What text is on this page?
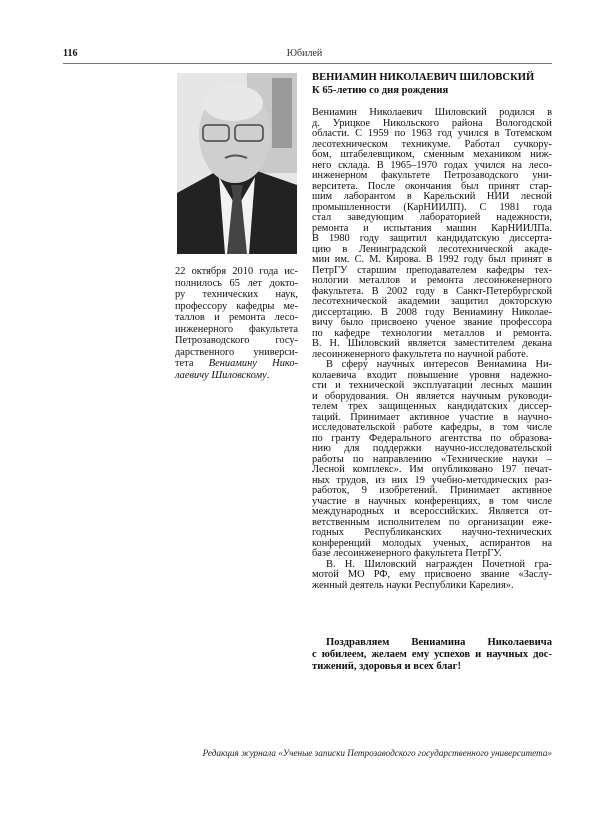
116	Юбилей
22 октября 2010 года ис-
полнилось 65 лет докто-
ру технических наук,
профессору кафедры ме-
таллов и ремонта лесо-
инженерного факультета
Петрозаводского госу-
дарственного универси-
тета Вениамину Нико-
лаевичу Шиловскому.
ВЕНИАМИН НИКОЛАЕВИЧ ШИЛОВСКИЙ
К 65-летию со дня рождения
Вениамин Николаевич Шиловский родился в
д. Урицкое Никольского района Вологодской
области. С 1959 по 1963 год учился в Тотемском
лесотехническом техникуме. Работал сучкору-
бом, штабелевщиком, сменным механиком ниж-
него склада. В 1965–1970 годах учился на лесо-
инженерном факультете Петрозаводского уни-
верситета. После окончания был принят стар-
шим лаборантом в Карельский НИИ лесной
промышленности (КарНИИЛП). С 1981 года
стал заведующим лабораторией надежности,
ремонта и испытания машин КарНИИЛПа.
В 1980 году защитил кандидатскую диссерта-
цию в Ленинградской лесотехнической акаде-
мии им. С. М. Кирова. В 1992 году был принят в
ПетрГУ старшим преподавателем кафедры тех-
нологии металлов и ремонта лесоинженерного
факультета. В 2002 году в Санкт-Петербургской
лесотехнической академии защитил докторскую
диссертацию. В 2008 году Вениамину Николае-
вичу было присвоено ученое звание профессора
по кафедре технологии металлов и ремонта.
В. Н. Шиловский является заместителем декана
лесоинженерного факультета по научной работе.
В сферу научных интересов Вениамина Ни-
колаевича входит повышение уровня надежно-
сти и технической эксплуатации лесных машин
и оборудования. Он является научным руководи-
телем трех защищенных кандидатских диссер-
таций. Принимает активное участие в научно-
исследовательской работе кафедры, в том числе
по гранту Федерального агентства по образова-
нию для поддержки научно-исследовательской
работы по направлению «Технические науки –
Лесной комплекс». Им опубликовано 197 печат-
ных трудов, из них 19 учебно-методических раз-
работок, 9 изобретений. Принимает активное
участие в научных конференциях, в том числе
международных и всероссийских. Является от-
ветственным исполнителем по организации еже-
годных Республиканских научно-технических
конференций молодых ученых, аспирантов на
базе лесоинженерного факультета ПетрГУ.
В. Н. Шиловский награжден Почетной гра-
мотой МО РФ, ему присвоено звание «Заслу-
женный деятель науки Республики Карелия».
Поздравляем Вениамина Николаевича
с юбилеем, желаем ему успехов и научных дос-
тижений, здоровья и всех благ!
Редакция журнала «Ученые записки Петрозаводского государственного университета»
